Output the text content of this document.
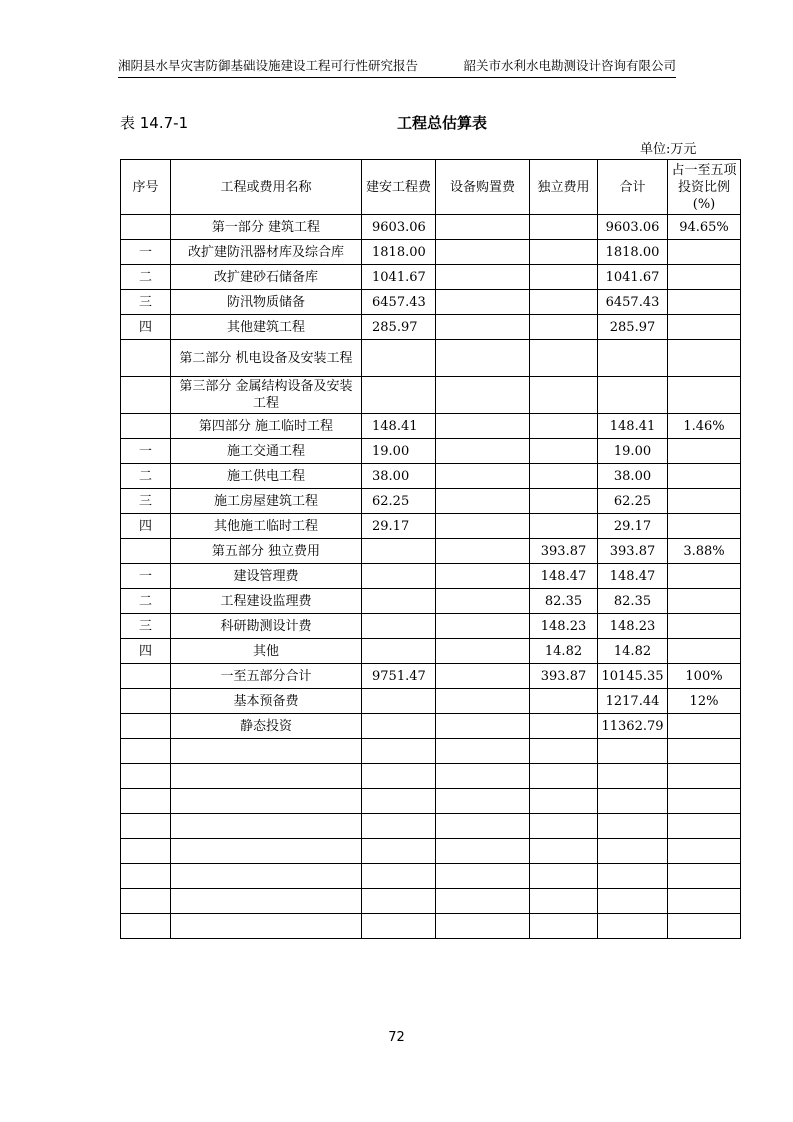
湘阴县水旱灾害防御基础设施建设工程可行性研究报告	韶关市水利水电勘测设计咨询有限公司
表 14.7-1	工程总估算表
单位:万元
序号	工程或费用名称	建安工程费	设备购置费	独立费用	合计	占一至五项投资比例(%)
	第一部分 建筑工程	9603.06			9603.06	94.65%
一	改扩建防汛器材库及综合库	1818.00			1818.00	
二	改扩建砂石储备库	1041.67			1041.67	
三	防汛物质储备	6457.43			6457.43	
四	其他建筑工程	285.97			285.97	
	第二部分 机电设备及安装工程					
	第三部分 金属结构设备及安装工程					
	第四部分 施工临时工程	148.41			148.41	1.46%
一	施工交通工程	19.00			19.00	
二	施工供电工程	38.00			38.00	
三	施工房屋建筑工程	62.25			62.25	
四	其他施工临时工程	29.17			29.17	
	第五部分 独立费用			393.87	393.87	3.88%
一	建设管理费			148.47	148.47	
二	工程建设监理费			82.35	82.35	
三	科研勘测设计费			148.23	148.23	
四	其他			14.82	14.82	
	一至五部分合计	9751.47		393.87	10145.35	100%
	基本预备费				1217.44	12%
	静态投资				11362.79	

72
